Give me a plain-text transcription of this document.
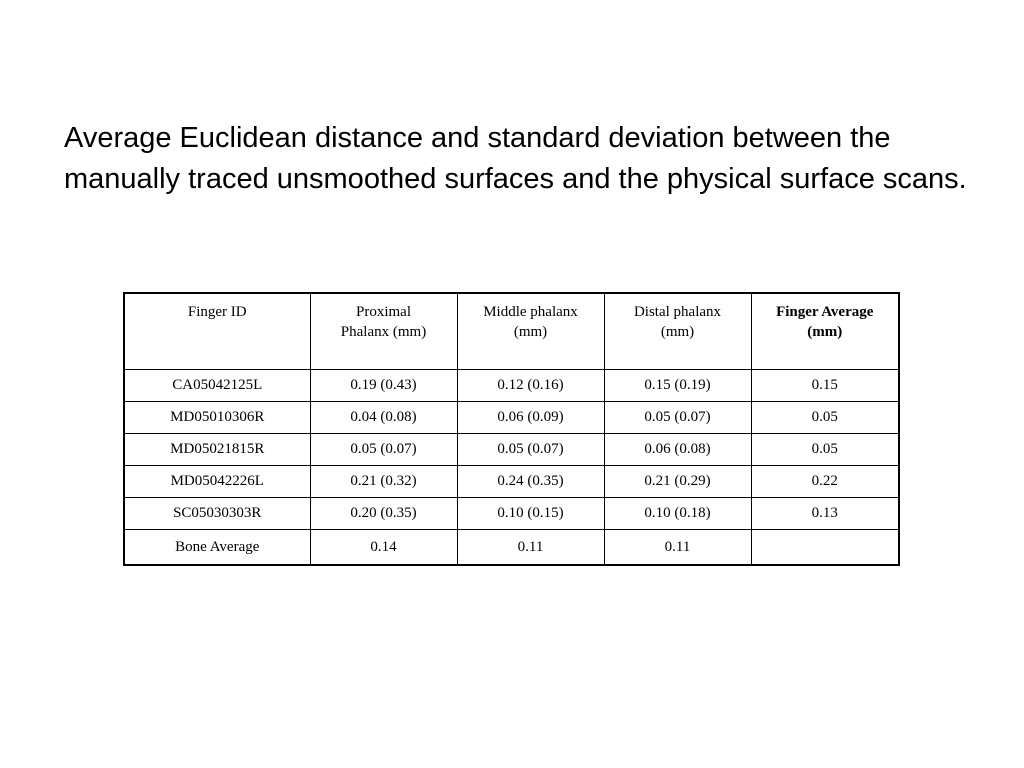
Average Euclidean distance and standard deviation between the manually traced unsmoothed surfaces and the physical surface scans.
Finger ID	Proximal Phalanx (mm)	Middle phalanx (mm)	Distal phalanx (mm)	Finger Average (mm)
CA05042125L	0.19 (0.43)	0.12 (0.16)	0.15 (0.19)	0.15
MD05010306R	0.04 (0.08)	0.06 (0.09)	0.05 (0.07)	0.05
MD05021815R	0.05 (0.07)	0.05 (0.07)	0.06 (0.08)	0.05
MD05042226L	0.21 (0.32)	0.24 (0.35)	0.21 (0.29)	0.22
SC05030303R	0.20 (0.35)	0.10 (0.15)	0.10 (0.18)	0.13
Bone Average	0.14	0.11	0.11	
